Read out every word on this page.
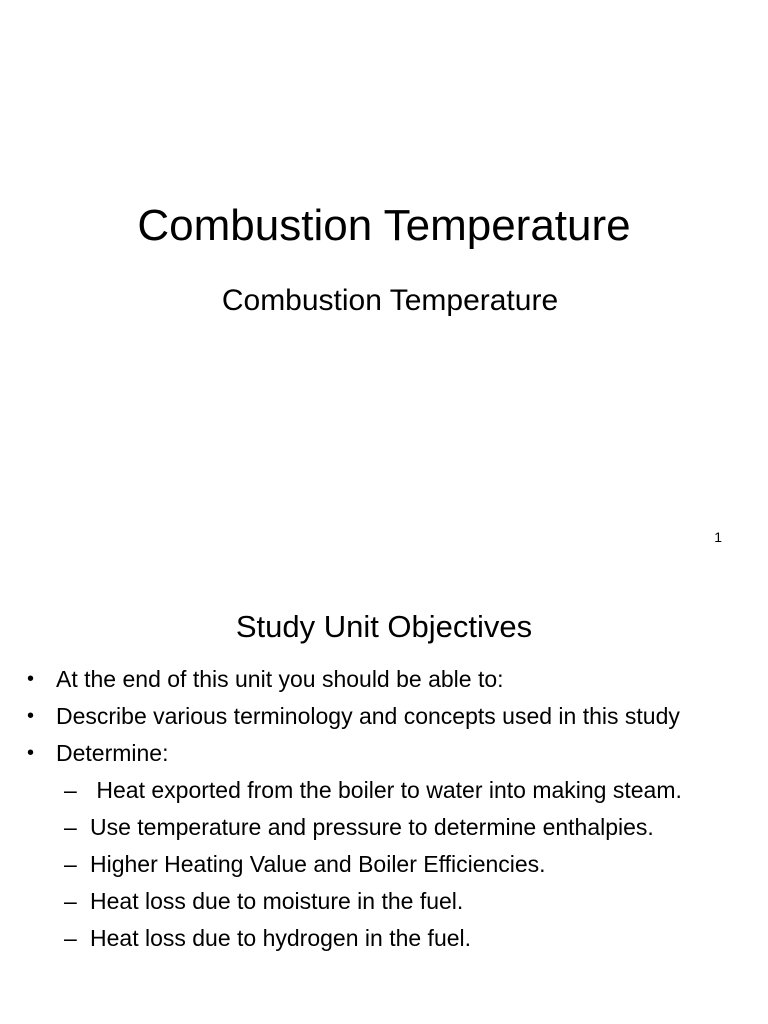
Combustion Temperature
Combustion Temperature
1
Study Unit Objectives
• At the end of this unit you should be able to:
• Describe various terminology and concepts used in this study
• Determine:
– Heat exported from the boiler to water into making steam.
– Use temperature and pressure to determine enthalpies.
– Higher Heating Value and Boiler Efficiencies.
– Heat loss due to moisture in the fuel.
– Heat loss due to hydrogen in the fuel.
